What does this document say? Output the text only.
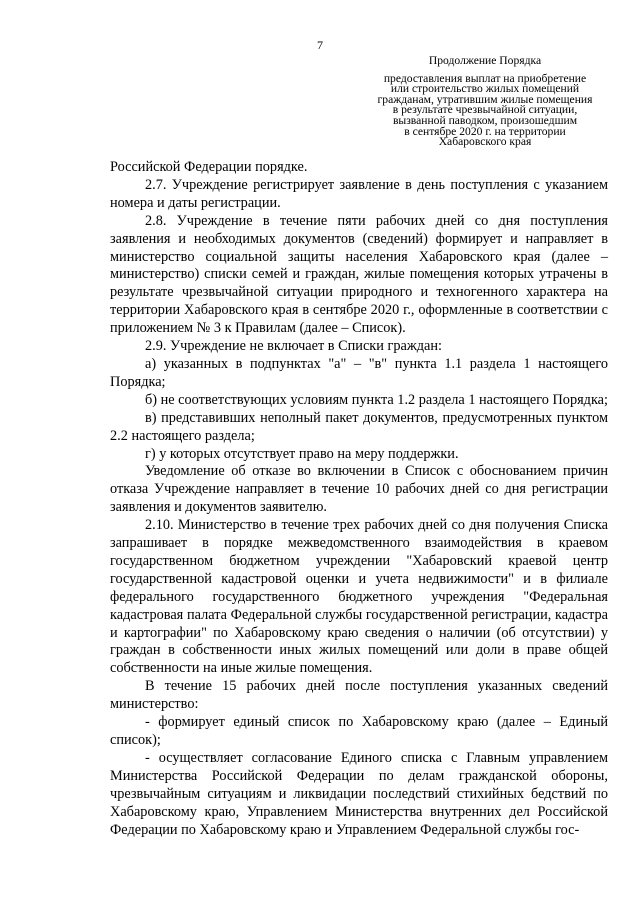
7
Продолжение Порядка
предоставления выплат на приобретение
или строительство жилых помещений
гражданам, утратившим жилые помещения
в результате чрезвычайной ситуации,
вызванной паводком, произошедшим
в сентябре 2020 г. на территории
Хабаровского края

Российской Федерации порядке.

2.7. Учреждение регистрирует заявление в день поступления с указанием номера и даты регистрации.

2.8. Учреждение в течение пяти рабочих дней со дня поступления заявления и необходимых документов (сведений) формирует и направляет в министерство социальной защиты населения Хабаровского края (далее – министерство) списки семей и граждан, жилые помещения которых утрачены в результате чрезвычайной ситуации природного и техногенного характера на территории Хабаровского края в сентябре 2020 г., оформленные в соответствии с приложением № 3 к Правилам (далее – Список).

2.9. Учреждение не включает в Списки граждан:

а) указанных в подпунктах "а" – "в" пункта 1.1 раздела 1 настоящего Порядка;

б) не соответствующих условиям пункта 1.2 раздела 1 настоящего Порядка;

в) представивших неполный пакет документов, предусмотренных пунктом 2.2 настоящего раздела;

г) у которых отсутствует право на меру поддержки.

Уведомление об отказе во включении в Список с обоснованием причин отказа Учреждение направляет в течение 10 рабочих дней со дня регистрации заявления и документов заявителю.

2.10. Министерство в течение трех рабочих дней со дня получения Списка запрашивает в порядке межведомственного взаимодействия в краевом государственном бюджетном учреждении "Хабаровский краевой центр государственной кадастровой оценки и учета недвижимости" и в филиале федерального государственного бюджетного учреждения "Федеральная кадастровая палата Федеральной службы государственной регистрации, кадастра и картографии" по Хабаровскому краю сведения о наличии (об отсутствии) у граждан в собственности иных жилых помещений или доли в праве общей собственности на иные жилые помещения.

В течение 15 рабочих дней после поступления указанных сведений министерство:

- формирует единый список по Хабаровскому краю (далее – Единый список);

- осуществляет согласование Единого списка с Главным управлением Министерства Российской Федерации по делам гражданской обороны, чрезвычайным ситуациям и ликвидации последствий стихийных бедствий по Хабаровскому краю, Управлением Министерства внутренних дел Российской Федерации по Хабаровскому краю и Управлением Федеральной службы гос-
